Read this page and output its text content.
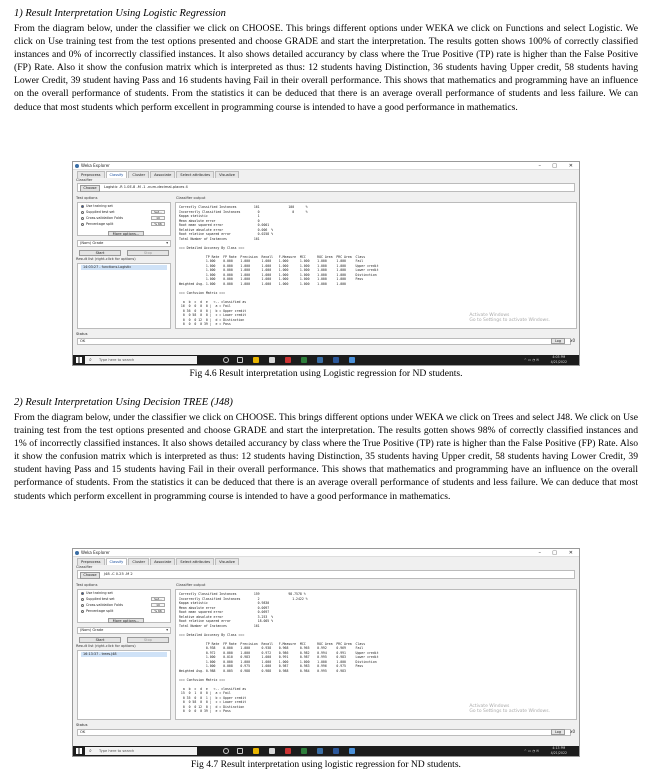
1) Result Interpretation Using Logistic Regression
From the diagram below, under the classifier we click on CHOOSE. This brings different options under WEKA we click on Functions and select Logistic. We click on Use training test from the test options presented and choose GRADE and start the interpretation. The results gotten shows 100% of correctly classified instances and 0% of incorrectly classified instances. It also shows detailed accurancy by class where the True Positive (TP) rate is higher than the False Positive (FP) Rate. Also it show the confusion matrix which is interpreted as thus: 12 students having Distinction, 36 students having Upper credit, 58 students having Lower Credit, 39 student having Pass and 16 students having Fail in their overall performance. This shows that mathematics and programming have an influence on the overall performance of students. From the statistics it can be deduced that there is an average overall performance of students and less failure. We can deduce that most students which perform excellent in programming course is intended to have a good performance in mathematics.
Weka Explorer	– □ ✕
Preprocess	Classify	Cluster	Associate	Select attributes	Visualize
Classifier
Choose	Logistic -R 1.0E-8 -M -1 -num-decimal-places 4
Test options
Use training set
Supplied test set	Set...
Cross-validation Folds	10
Percentage split	% 66
More options...
(Nom) Grade	▾
Start	Stop
Result list (right-click for options)
14:03:27 - functions.Logistic
Classifier output
Correctly Classified Instances         161               100      %
Incorrectly Classified Instances         0                 0      %
Kappa statistic                          1
Mean absolute error                      0
Root mean squared error                  0.0001
Relative absolute error                  0.006  %
Root relative squared error              0.0258 %
Total Number of Instances              161

=== Detailed Accuracy By Class ===

TP Rate  FP Rate  Precision  Recall   F-Measure  MCC      ROC Area  PRC Area  Class
1.000    0.000    1.000      1.000    1.000      1.000    1.000     1.000     Fail
1.000    0.000    1.000      1.000    1.000      1.000    1.000     1.000     Upper credit
1.000    0.000    1.000      1.000    1.000      1.000    1.000     1.000     Lower credit
1.000    0.000    1.000      1.000    1.000      1.000    1.000     1.000     Distinction
1.000    0.000    1.000      1.000    1.000      1.000    1.000     1.000     Pass
Weighted Avg. 1.000    0.000    1.000      1.000    1.000      1.000    1.000     1.000

=== Confusion Matrix ===

a  b  c  d  e   <-- classified as
16  0  0  0  0 |  a = Fail
0 36  0  0  0 |  b = Upper credit
0  0 58  0  0 |  c = Lower credit
0  0  0 12  0 |  d = Distinction
0  0  0  0 39 |  e = Pass
Activate Windows
Go to Settings to activate Windows.
Status
OK	Log	x0
⌕ Type here to search	^ ▭ ◔ ✉
4:03 PM
4/21/2022
Fig 4.6 Result interpretation using Logistic regression for ND students.
2) Result Interpretation Using Decision TREE (J48)
From the diagram below, under the classifier we click on CHOOSE. This brings different options under WEKA we click on Trees and select J48. We click on Use training test from the test options presented and choose GRADE and start the interpretation. The results gotten shows 98% of correctly classified instances and 1% of incorrectly classified instances. It also shows detailed accurancy by class where the True Positive (TP) rate is higher than the False Positive (FP) Rate. Also it show the confusion matrix which is interpreted as thus: 12 students having Distinction, 35 students having Upper credit, 58 students having Lower Credit, 39 student having Pass and 15 students having Fail in their overall performance. This shows that mathematics and programming have an influence on the overall performance of students. From the statistics it can be deduced that there is an average overall performance of students and less failure. We can deduce that most students which perform excellent in programming course is intended to have a good performance in mathematics.
Weka Explorer	– □ ✕
Preprocess	Classify	Cluster	Associate	Select attributes	Visualize
Classifier
Choose	J48 -C 0.25 -M 2
Test options
Use training set
Supplied test set	Set...
Cross-validation Folds	10
Percentage split	% 66
More options...
(Nom) Grade	▾
Start	Stop
Result list (right-click for options)
16:13:37 - trees.J48
Classifier output
Correctly Classified Instances         159               98.7578 %
Incorrectly Classified Instances         2                 1.2422 %
Kappa statistic                          0.9830
Mean absolute error                      0.0097
Root mean squared error                  0.0697
Relative absolute error                  3.253  %
Root relative squared error              18.005 %
Total Number of Instances              161

=== Detailed Accuracy By Class ===

TP Rate  FP Rate  Precision  Recall   F-Measure  MCC      ROC Area  PRC Area  Class
0.938    0.000    1.000      0.938    0.968      0.965    0.992     0.969     Fail
0.972    0.000    1.000      0.972    0.986      0.982    0.994     0.991     Upper credit
1.000    0.010    0.983      1.000    0.991      0.987    0.995     0.983     Lower credit
1.000    0.000    1.000      1.000    1.000      1.000    1.000     1.000     Distinction
1.000    0.008    0.975      1.000    0.987      0.983    0.996     0.975     Pass
Weighted Avg. 0.988    0.005    0.988      0.988    0.988      0.984    0.995     0.983

=== Confusion Matrix ===

a  b  c  d  e   <-- classified as
15  0  1  0  0 |  a = Fail
0 35  0  0  1 |  b = Upper credit
0  0 58  0  0 |  c = Lower credit
0  0  0 12  0 |  d = Distinction
0  0  0  0 39 |  e = Pass
Activate Windows
Go to Settings to activate Windows.
Status
OK	Log	x0
⌕ Type here to search	^ ▭ ◔ ✉
4:13 PM
4/21/2022
Fig 4.7 Result interpretation using logistic regression for ND students.
